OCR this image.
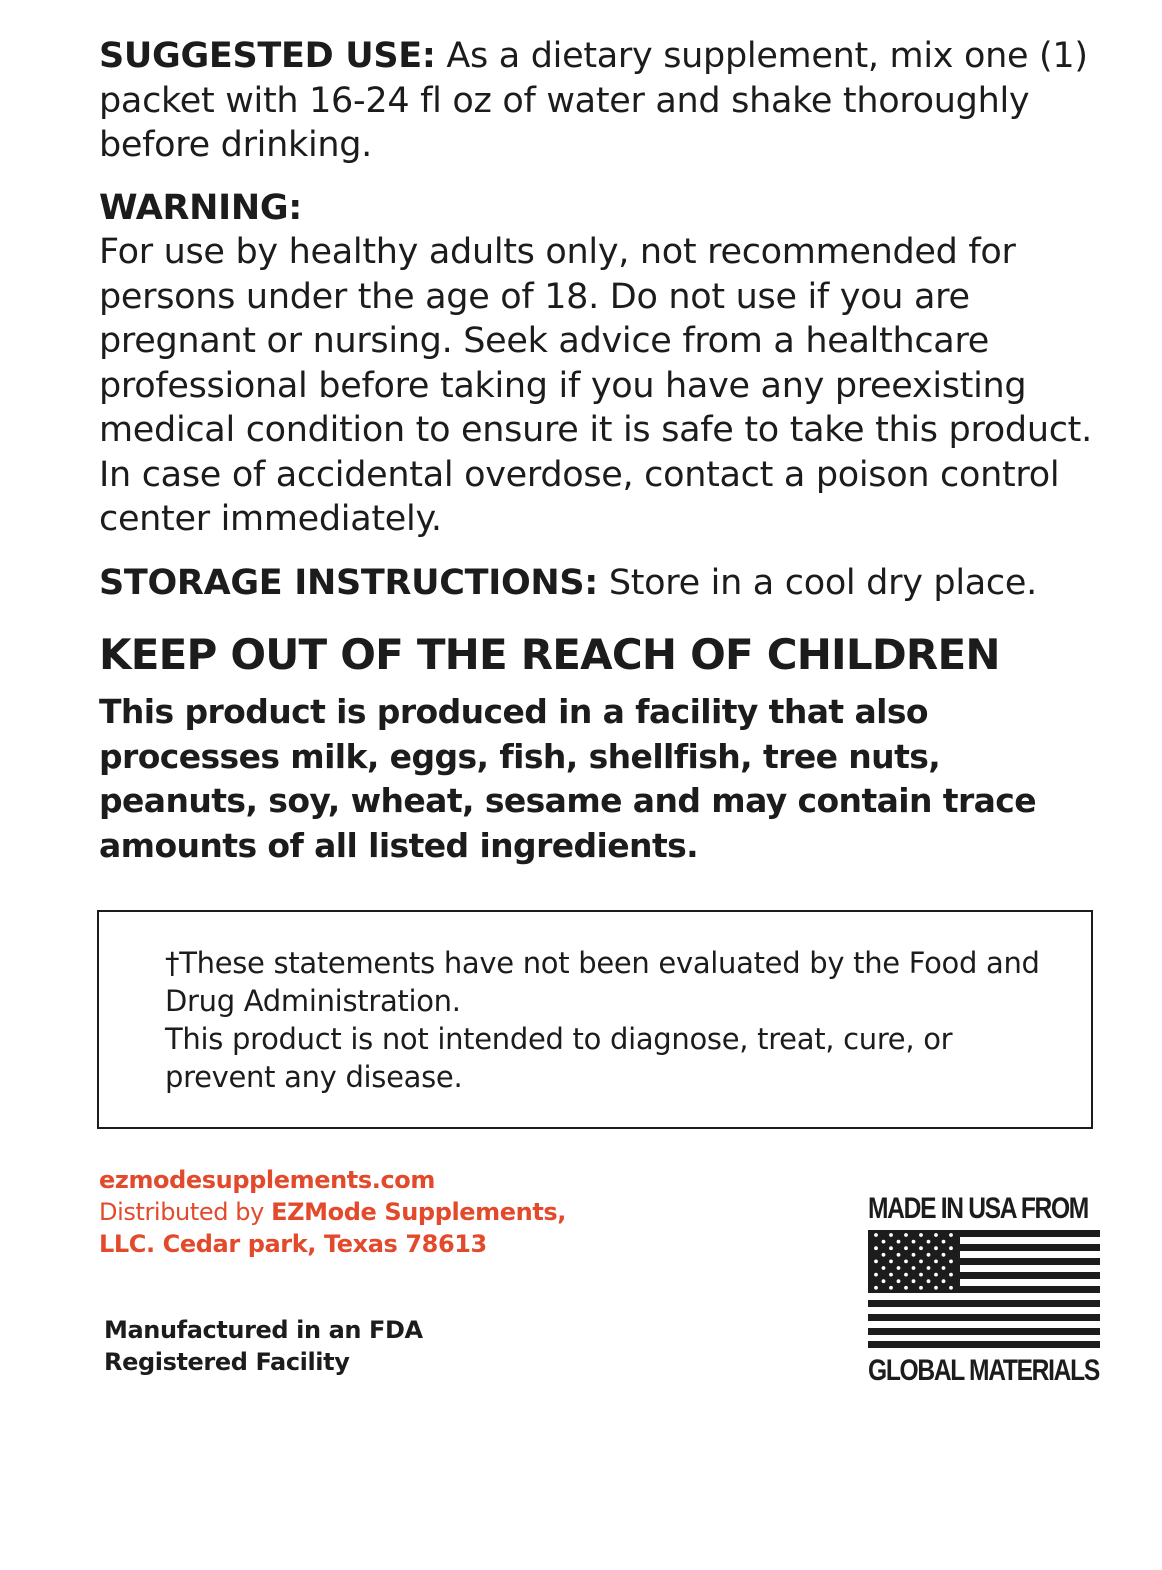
SUGGESTED USE: As a dietary supplement, mix one (1) packet with 16-24 fl oz of water and shake thoroughly before drinking.

WARNING:

For use by healthy adults only, not recommended for persons under the age of 18. Do not use if you are pregnant or nursing. Seek advice from a healthcare professional before taking if you have any preexisting medical condition to ensure it is safe to take this product. In case of accidental overdose, contact a poison control center immediately.

STORAGE INSTRUCTIONS: Store in a cool dry place.

KEEP OUT OF THE REACH OF CHILDREN

This product is produced in a facility that also processes milk, eggs, fish, shellfish, tree nuts, peanuts, soy, wheat, sesame and may contain trace amounts of all listed ingredients.

†These statements have not been evaluated by the Food and Drug Administration.
This product is not intended to diagnose, treat, cure, or prevent any disease.

ezmodesupplements.com

Distributed by EZMode Supplements, LLC. Cedar park, Texas 78613

Manufactured in an FDA Registered Facility

MADE IN USA FROM

GLOBAL MATERIALS
